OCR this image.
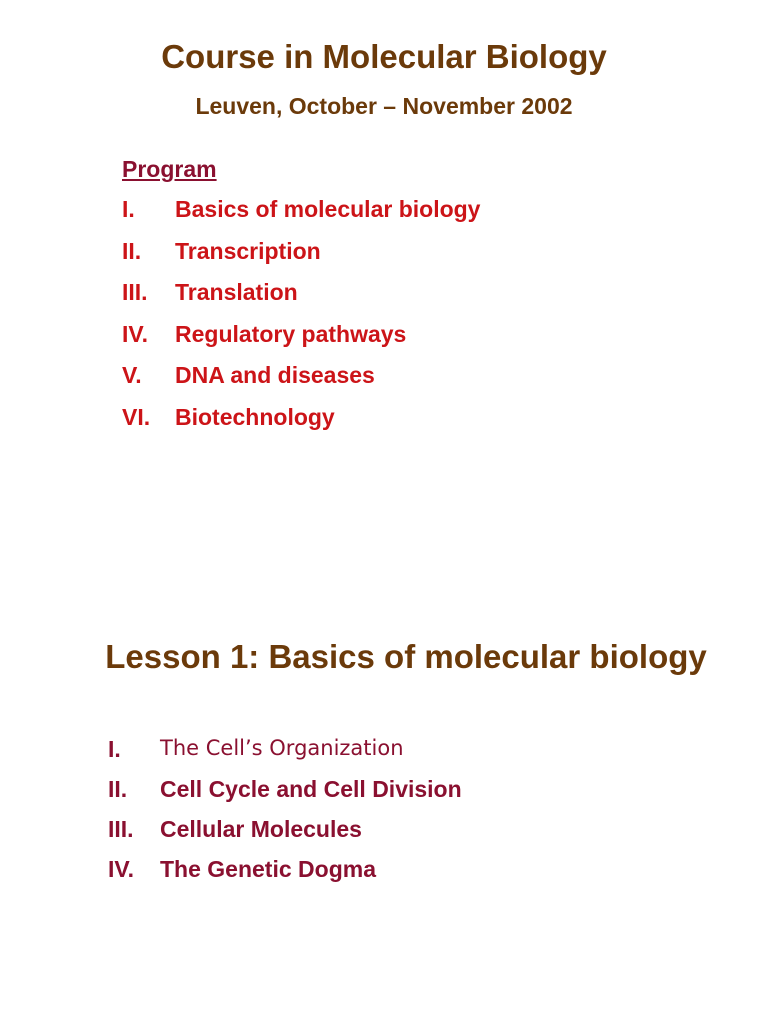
Course in Molecular Biology
Leuven, October – November 2002

Program

I.	Basics of molecular biology
II.	Transcription
III.	Translation
IV.	Regulatory pathways
V.	DNA and diseases
VI.	Biotechnology
Lesson 1: Basics of molecular biology
I.	The Cell’s Organization
II.	Cell Cycle and Cell Division
III.	Cellular Molecules
IV.	The Genetic Dogma
